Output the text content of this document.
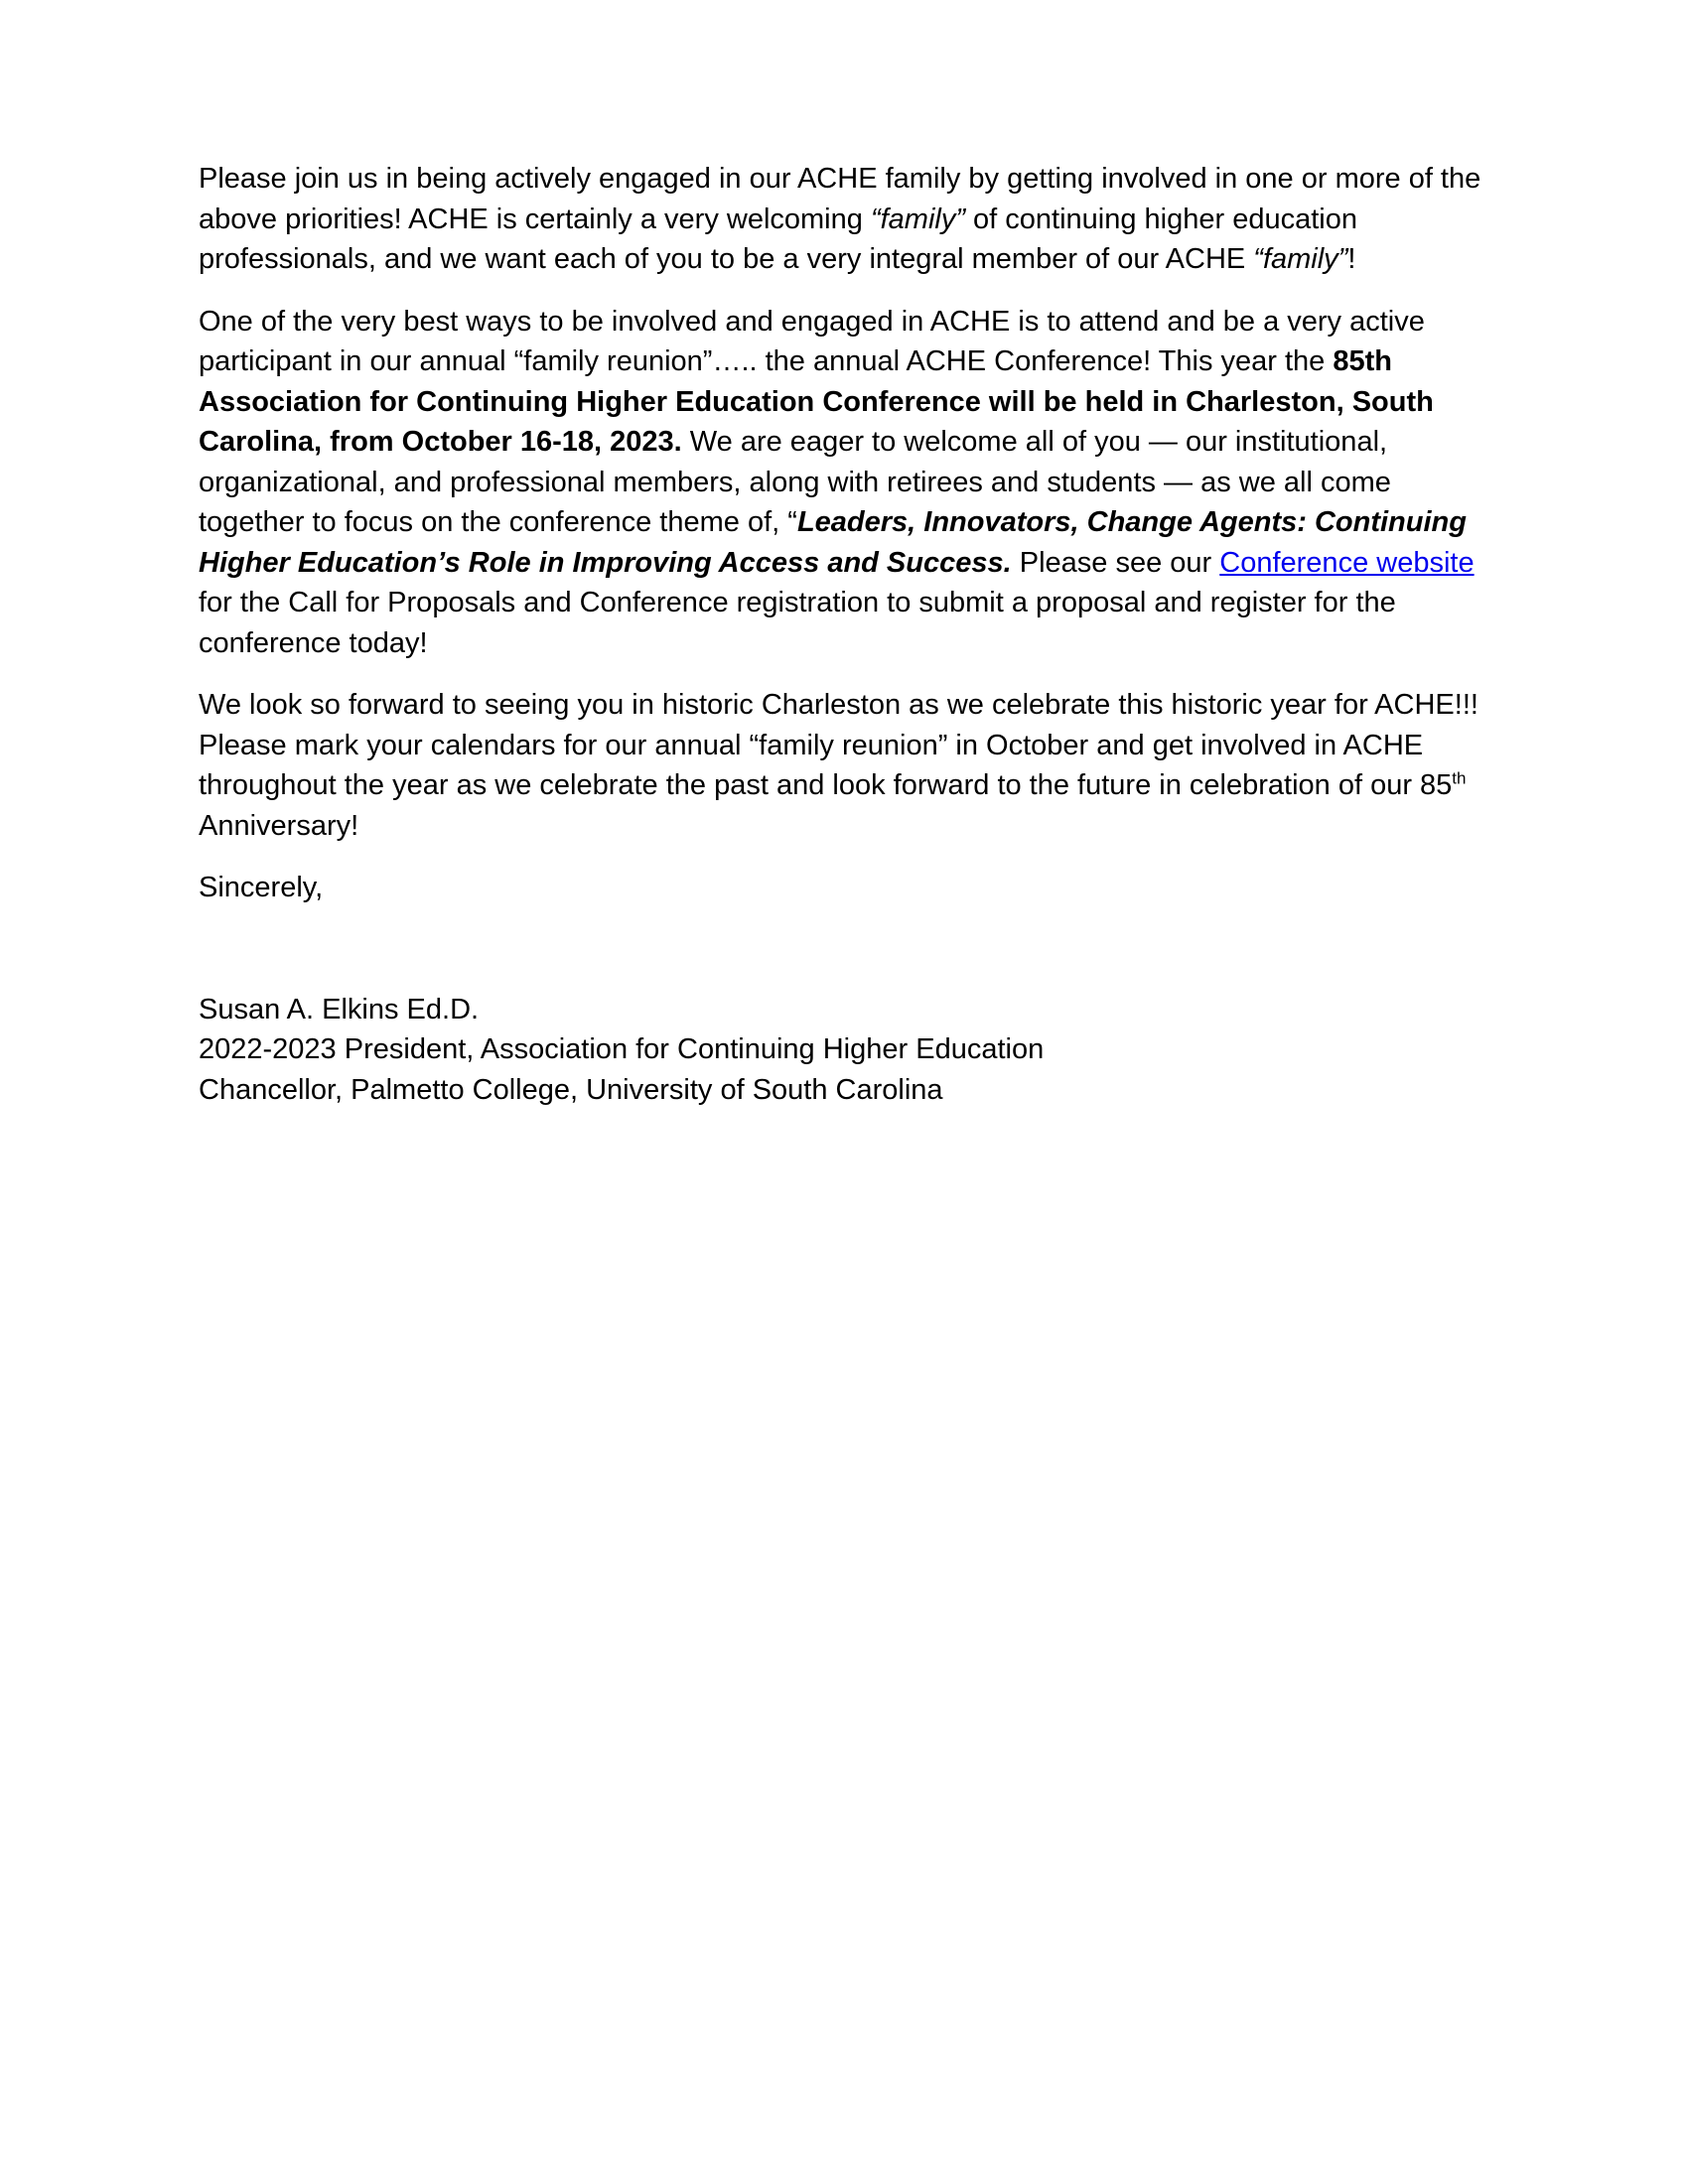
Please join us in being actively engaged in our ACHE family by getting involved in one or more of the above priorities! ACHE is certainly a very welcoming “family” of continuing higher education professionals, and we want each of you to be a very integral member of our ACHE “family”!

One of the very best ways to be involved and engaged in ACHE is to attend and be a very active participant in our annual “family reunion”….. the annual ACHE Conference! This year the 85th Association for Continuing Higher Education Conference will be held in Charleston, South Carolina, from October 16-18, 2023. We are eager to welcome all of you — our institutional, organizational, and professional members, along with retirees and students — as we all come together to focus on the conference theme of, “Leaders, Innovators, Change Agents: Continuing Higher Education’s Role in Improving Access and Success. Please see our Conference website for the Call for Proposals and Conference registration to submit a proposal and register for the conference today!

We look so forward to seeing you in historic Charleston as we celebrate this historic year for ACHE!!! Please mark your calendars for our annual “family reunion” in October and get involved in ACHE throughout the year as we celebrate the past and look forward to the future in celebration of our 85th Anniversary!

Sincerely,

Susan A. Elkins Ed.D.
2022-2023 President, Association for Continuing Higher Education
Chancellor, Palmetto College, University of South Carolina
